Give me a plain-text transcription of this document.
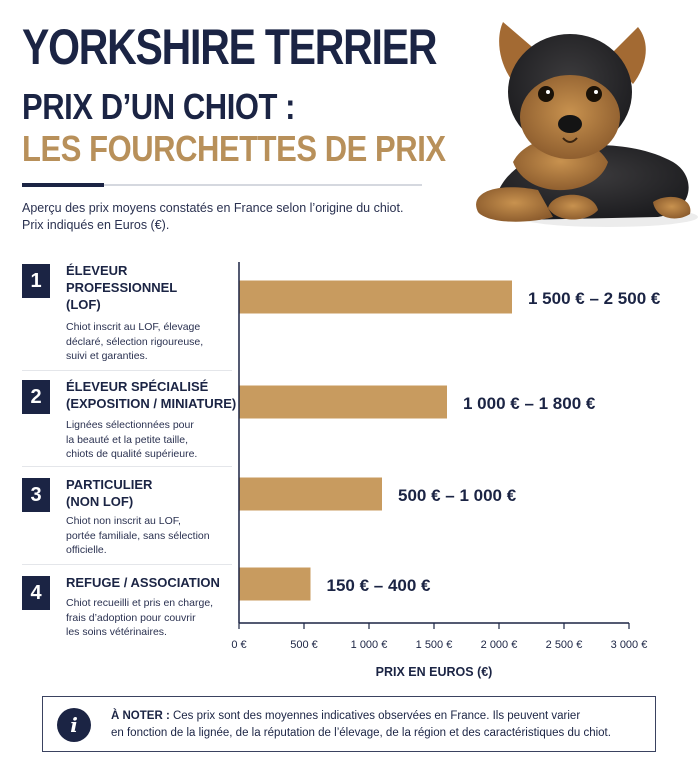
YORKSHIRE TERRIER
PRIX D’UN CHIOT :
LES FOURCHETTES DE PRIX
Aperçu des prix moyens constatés en France selon l’origine du chiot.
Prix indiqués en Euros (€).
1	ÉLEVEUR
PROFESSIONNEL
(LOF)
Chiot inscrit au LOF, élevage
déclaré, sélection rigoureuse,
suivi et garanties.
2	ÉLEVEUR SPÉCIALISÉ
(EXPOSITION / MINIATURE)
Lignées sélectionnées pour
la beauté et la petite taille,
chiots de qualité supérieure.
3	PARTICULIER
(NON LOF)
Chiot non inscrit au LOF,
portée familiale, sans sélection
officielle.
4	REFUGE / ASSOCIATION
Chiot recueilli et pris en charge,
frais d’adoption pour couvrir
les soins vétérinaires.
1 500 € – 2 500 €
1 000 € – 1 800 €
500 € – 1 000 €
150 € – 400 €
0 €	500 €	1 000 €	1 500 €	2 000 €	2 500 €	3 000 €
PRIX EN EUROS (€)
i	À NOTER : Ces prix sont des moyennes indicatives observées en France. Ils peuvent varier
en fonction de la lignée, de la réputation de l’élevage, de la région et des caractéristiques du chiot.
